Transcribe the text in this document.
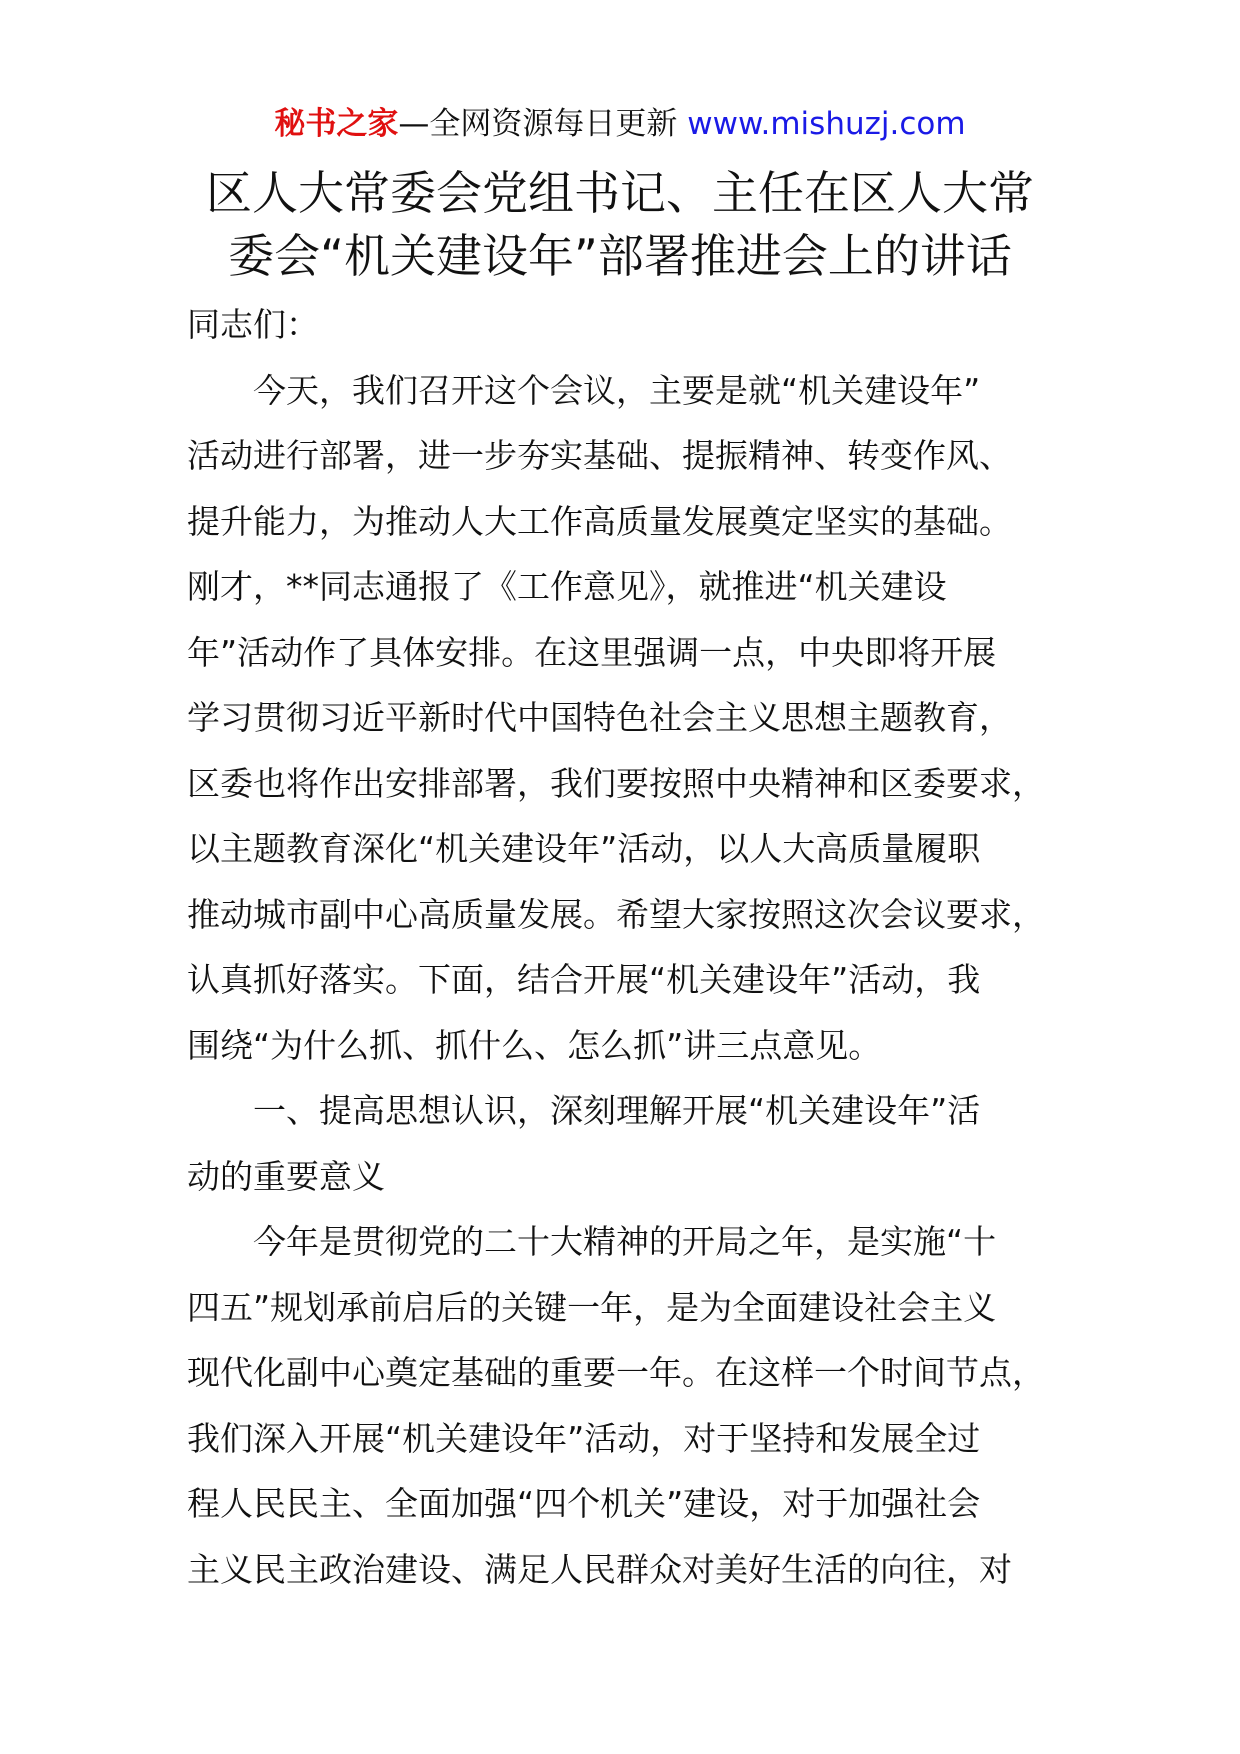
秘书之家—全网资源每日更新 www.mishuzj.com
区人大常委会党组书记、主任在区人大常
委会“机关建设年”部署推进会上的讲话
同志们：
今天，我们召开这个会议，主要是就“机关建设年”
活动进行部署，进一步夯实基础、提振精神、转变作风、
提升能力，为推动人大工作高质量发展奠定坚实的基础。
刚才，**同志通报了《工作意见》，就推进“机关建设
年”活动作了具体安排。在这里强调一点，中央即将开展
学习贯彻习近平新时代中国特色社会主义思想主题教育，
区委也将作出安排部署，我们要按照中央精神和区委要求，
以主题教育深化“机关建设年”活动，以人大高质量履职
推动城市副中心高质量发展。希望大家按照这次会议要求，
认真抓好落实。下面，结合开展“机关建设年”活动，我
围绕“为什么抓、抓什么、怎么抓”讲三点意见。
一、提高思想认识，深刻理解开展“机关建设年”活
动的重要意义
今年是贯彻党的二十大精神的开局之年，是实施“十
四五”规划承前启后的关键一年，是为全面建设社会主义
现代化副中心奠定基础的重要一年。在这样一个时间节点，
我们深入开展“机关建设年”活动，对于坚持和发展全过
程人民民主、全面加强“四个机关”建设，对于加强社会
主义民主政治建设、满足人民群众对美好生活的向往，对
